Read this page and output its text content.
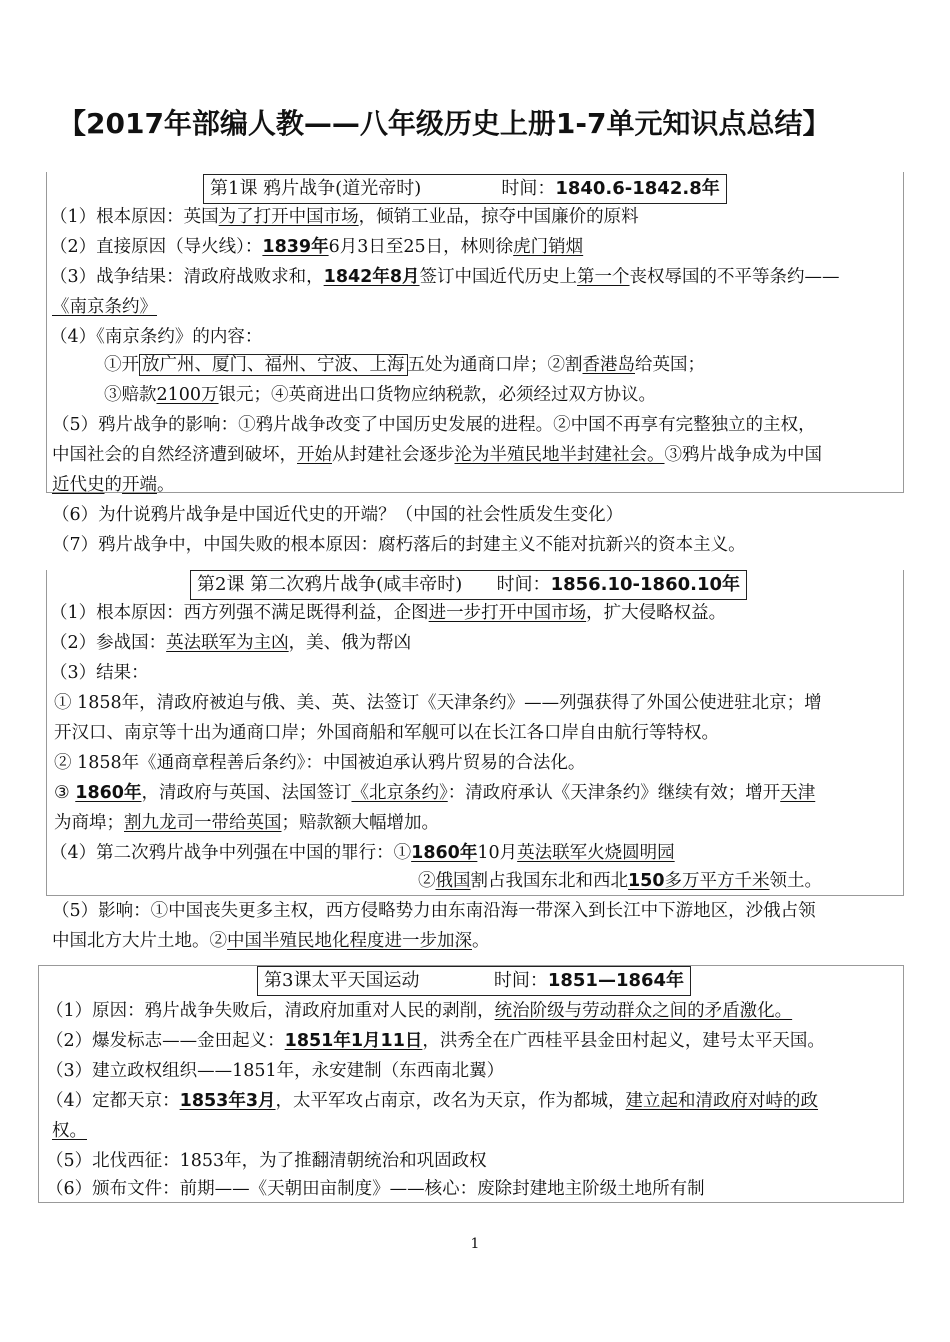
【2017年部编人教——八年级历史上册1-7单元知识点总结】
第1课 鸦片战争(道光帝时)	时间：1840.6-1842.8年
（1）根本原因：英国为了打开中国市场，倾销工业品，掠夺中国廉价的原料
（2）直接原因（导火线）：1839年6月3日至25日，林则徐虎门销烟
（3）战争结果：清政府战败求和，1842年8月签订中国近代历史上第一个丧权辱国的不平等条约——
《南京条约》
（4）《南京条约》的内容：
①开 放广州、厦门、福州、宁波、上海 五处为通商口岸；②割香港岛给英国；
③赔款2100万银元；④英商进出口货物应纳税款，必须经过双方协议。
（5）鸦片战争的影响：①鸦片战争改变了中国历史发展的进程。②中国不再享有完整独立的主权，
中国社会的自然经济遭到破坏，开始从封建社会逐步沦为半殖民地半封建社会。③鸦片战争成为中国
近代史的开端。
（6）为什说鸦片战争是中国近代史的开端？（中国的社会性质发生变化）
（7）鸦片战争中，中国失败的根本原因：腐朽落后的封建主义不能对抗新兴的资本主义。
第2课 第二次鸦片战争(咸丰帝时) 时间：1856.10-1860.10年
（1）根本原因：西方列强不满足既得利益，企图进一步打开中国市场，扩大侵略权益。
（2）参战国：英法联军为主凶，美、俄为帮凶
（3）结果：
① 1858年，清政府被迫与俄、美、英、法签订《天津条约》——列强获得了外国公使进驻北京；增
开汉口、南京等十出为通商口岸；外国商船和军舰可以在长江各口岸自由航行等特权。
② 1858年《通商章程善后条约》：中国被迫承认鸦片贸易的合法化。
③ 1860年，清政府与英国、法国签订《北京条约》：清政府承认《天津条约》继续有效；增开天津
为商埠；割九龙司一带给英国；赔款额大幅增加。
（4）第二次鸦片战争中列强在中国的罪行：①1860年10月英法联军火烧圆明园
②俄国割占我国东北和西北150多万平方千米领土。
（5）影响：①中国丧失更多主权，西方侵略势力由东南沿海一带深入到长江中下游地区，沙俄占领
中国北方大片土地。②中国半殖民地化程度进一步加深。
第3课太平天国运动	时间：1851—1864年
（1）原因：鸦片战争失败后，清政府加重对人民的剥削，统治阶级与劳动群众之间的矛盾激化。
（2）爆发标志——金田起义：1851年1月11日，洪秀全在广西桂平县金田村起义，建号太平天国。
（3）建立政权组织——1851年，永安建制（东西南北翼）
（4）定都天京：1853年3月，太平军攻占南京，改名为天京，作为都城，建立起和清政府对峙的政
权。
（5）北伐西征：1853年，为了推翻清朝统治和巩固政权
（6）颁布文件：前期——《天朝田亩制度》——核心：废除封建地主阶级土地所有制
1
